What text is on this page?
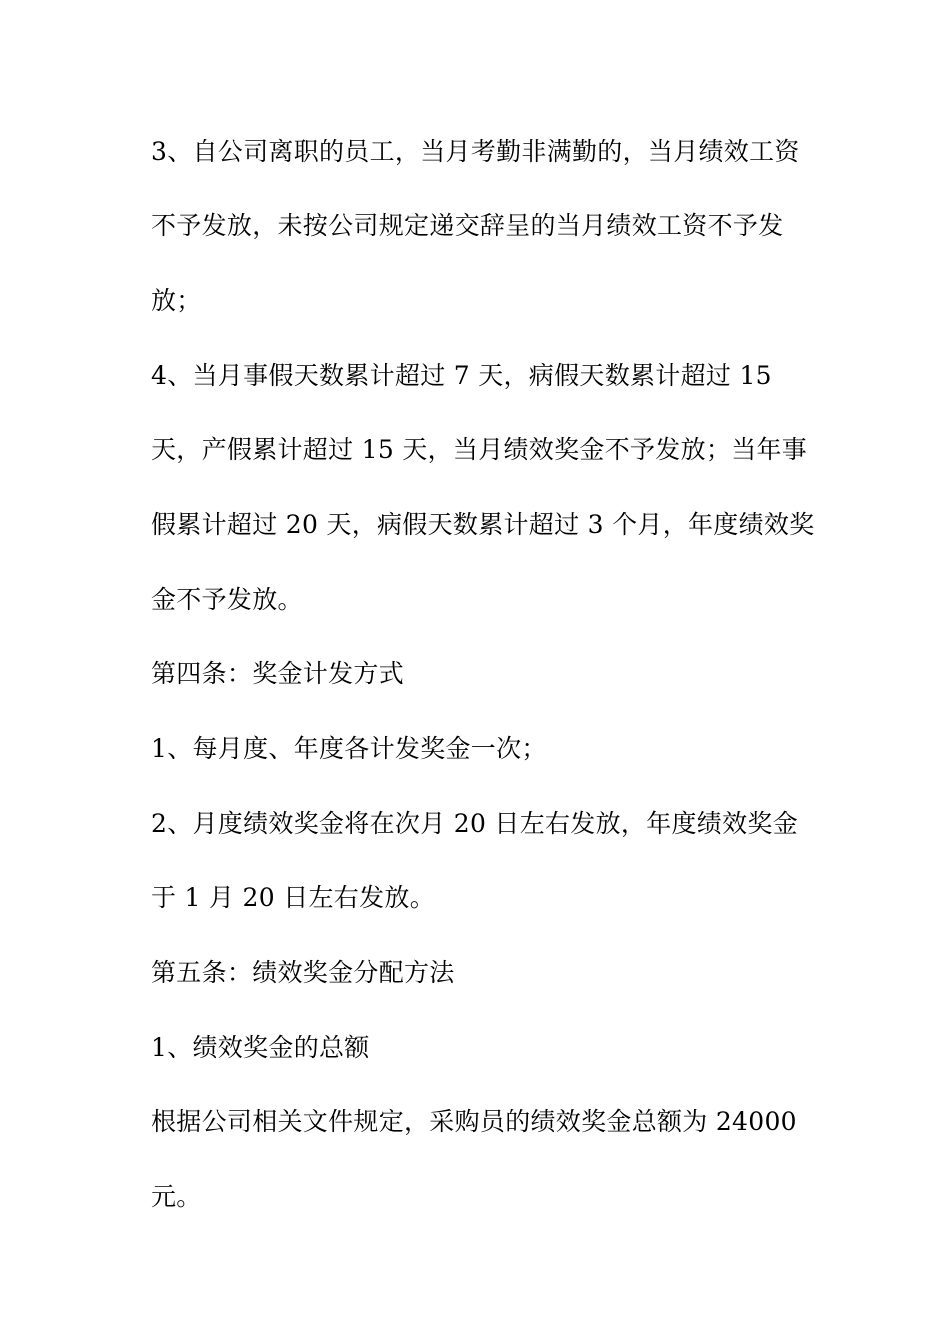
3、自公司离职的员工，当月考勤非满勤的，当月绩效工资
不予发放，未按公司规定递交辞呈的当月绩效工资不予发
放；
4、当月事假天数累计超过 7 天，病假天数累计超过 15
天，产假累计超过 15 天，当月绩效奖金不予发放；当年事
假累计超过 20 天，病假天数累计超过 3 个月，年度绩效奖
金不予发放。
第四条：奖金计发方式
1、每月度、年度各计发奖金一次；
2、月度绩效奖金将在次月 20 日左右发放，年度绩效奖金
于 1 月 20 日左右发放。
第五条：绩效奖金分配方法
1、绩效奖金的总额
根据公司相关文件规定，采购员的绩效奖金总额为 24000
元。
